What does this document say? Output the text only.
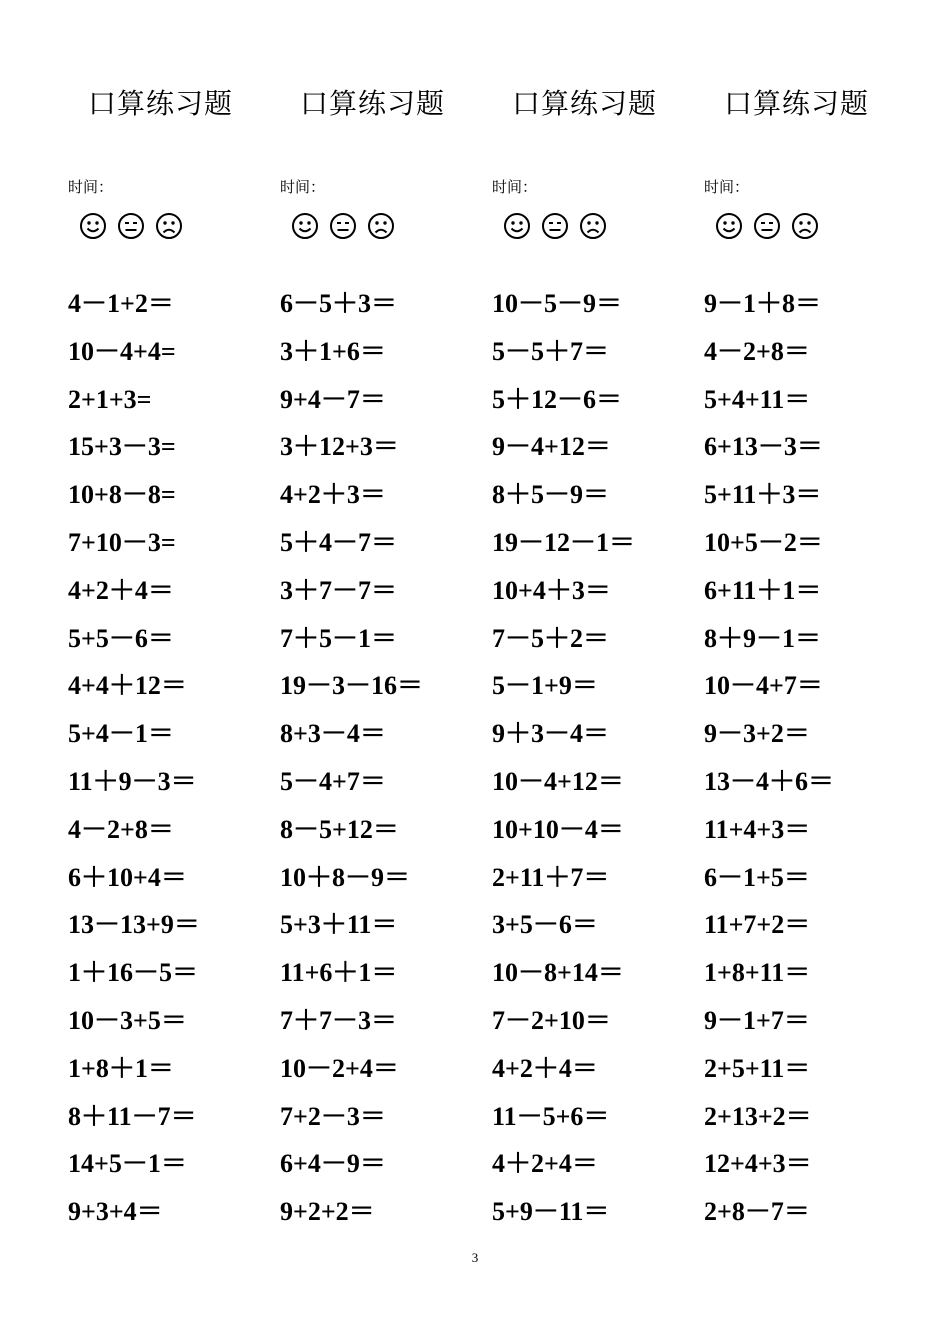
口算练习题
时间：
4－1+2＝
10－4+4=
2+1+3=
15+3－3=
10+8－8=
7+10－3=
4+2＋4＝
5+5－6＝
4+4＋12＝
5+4－1＝
11＋9－3＝
4－2+8＝
6＋10+4＝
13－13+9＝
1＋16－5＝
10－3+5＝
1+8＋1＝
8＋11－7＝
14+5－1＝
9+3+4＝
口算练习题
时间：
6－5＋3＝
3＋1+6＝
9+4－7＝
3＋12+3＝
4+2＋3＝
5＋4－7＝
3＋7－7＝
7＋5－1＝
19－3－16＝
8+3－4＝
5－4+7＝
8－5+12＝
10＋8－9＝
5+3＋11＝
11+6＋1＝
7＋7－3＝
10－2+4＝
7+2－3＝
6+4－9＝
9+2+2＝
口算练习题
时间：
10－5－9＝
5－5＋7＝
5＋12－6＝
9－4+12＝
8＋5－9＝
19－12－1＝
10+4＋3＝
7－5＋2＝
5－1+9＝
9＋3－4＝
10－4+12＝
10+10－4＝
2+11＋7＝
3+5－6＝
10－8+14＝
7－2+10＝
4+2＋4＝
11－5+6＝
4＋2+4＝
5+9－11＝
口算练习题
时间：
9－1＋8＝
4－2+8＝
5+4+11＝
6+13－3＝
5+11＋3＝
10+5－2＝
6+11＋1＝
8＋9－1＝
10－4+7＝
9－3+2＝
13－4＋6＝
11+4+3＝
6－1+5＝
11+7+2＝
1+8+11＝
9－1+7＝
2+5+11＝
2+13+2＝
12+4+3＝
2+8－7＝
3
